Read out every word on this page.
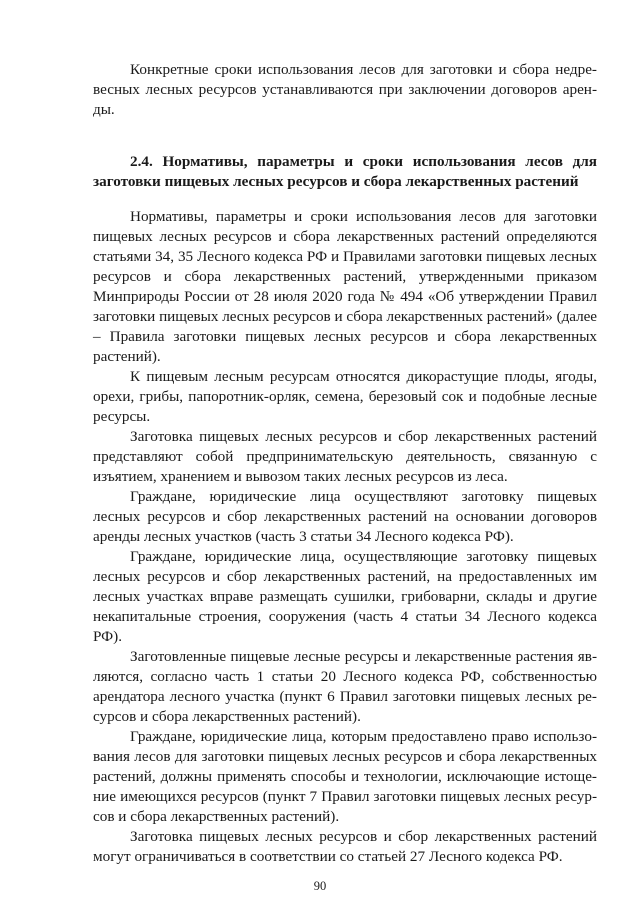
Конкретные сроки использования лесов для заготовки и сбора недре-
весных лесных ресурсов устанавливаются при заключении договоров арен-
ды.
2.4. Нормативы, параметры и сроки использования лесов для
заготовки пищевых лесных ресурсов и сбора лекарственных растений
Нормативы, параметры и сроки использования лесов для заготовки
пищевых лесных ресурсов и сбора лекарственных растений определяются
статьями 34, 35 Лесного кодекса РФ и Правилами заготовки пищевых лесных
ресурсов и сбора лекарственных растений, утвержденными приказом
Минприроды России от 28 июля 2020 года № 494 «Об утверждении Правил
заготовки пищевых лесных ресурсов и сбора лекарственных растений» (далее
– Правила заготовки пищевых лесных ресурсов и сбора лекарственных
растений).
К пищевым лесным ресурсам относятся дикорастущие плоды, ягоды,
орехи, грибы, папоротник-орляк, семена, березовый сок и подобные лесные
ресурсы.
Заготовка пищевых лесных ресурсов и сбор лекарственных растений
представляют собой предпринимательскую деятельность, связанную с
изъятием, хранением и вывозом таких лесных ресурсов из леса.
Граждане, юридические лица осуществляют заготовку пищевых
лесных ресурсов и сбор лекарственных растений на основании договоров
аренды лесных участков (часть 3 статьи 34 Лесного кодекса РФ).
Граждане, юридические лица, осуществляющие заготовку пищевых
лесных ресурсов и сбор лекарственных растений, на предоставленных им
лесных участках вправе размещать сушилки, грибоварни, склады и другие
некапитальные строения, сооружения (часть 4 статьи 34 Лесного кодекса
РФ).
Заготовленные пищевые лесные ресурсы и лекарственные растения яв-
ляются, согласно часть 1 статьи 20 Лесного кодекса РФ, собственностью
арендатора лесного участка (пункт 6 Правил заготовки пищевых лесных ре-
сурсов и сбора лекарственных растений).
Граждане, юридические лица, которым предоставлено право использо-
вания лесов для заготовки пищевых лесных ресурсов и сбора лекарственных
растений, должны применять способы и технологии, исключающие истоще-
ние имеющихся ресурсов (пункт 7 Правил заготовки пищевых лесных ресур-
сов и сбора лекарственных растений).
Заготовка пищевых лесных ресурсов и сбор лекарственных растений
могут ограничиваться в соответствии со статьей 27 Лесного кодекса РФ.
90
